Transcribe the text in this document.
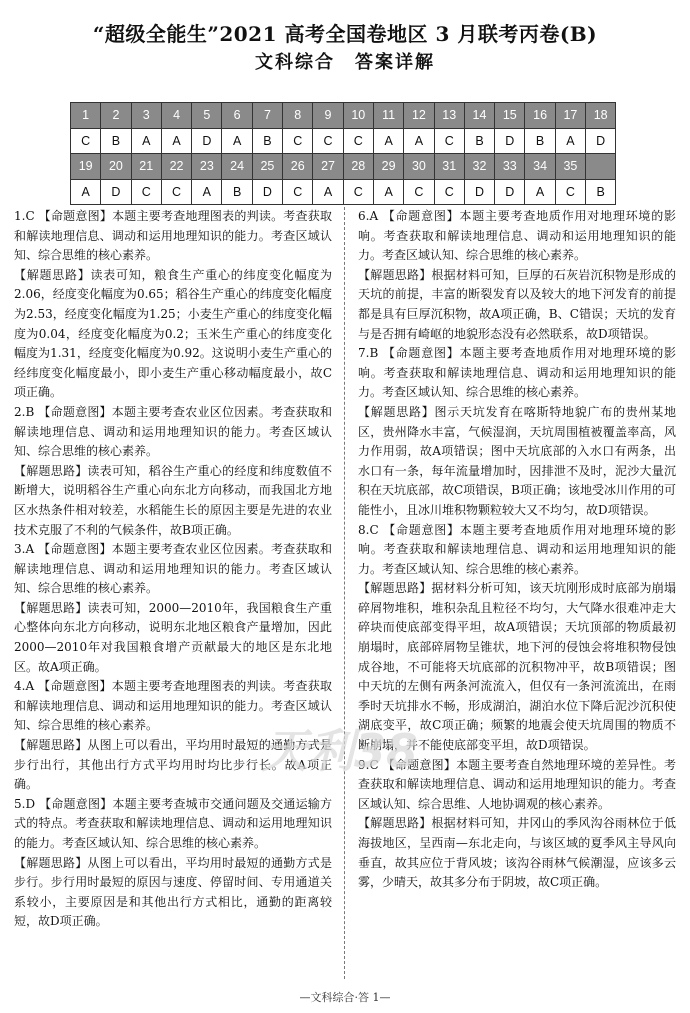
“超级全能生”2021 高考全国卷地区 3 月联考丙卷(B)
文科综合　答案详解
1	2	3	4	5	6	7	8	9	10	11	12	13	14	15	16	17	18
C	B	A	A	D	A	B	C	C	C	A	A	C	B	D	B	A	D
19	20	21	22	23	24	25	26	27	28	29	30	31	32	33	34	35	
A	D	C	C	A	B	D	C	A	C	A	C	C	D	D	A	C	B

1.C 【命题意图】本题主要考查地理图表的判读。考查获取和解读地理信息、调动和运用地理知识的能力。考查区域认知、综合思维的核心素养。

【解题思路】读表可知，粮食生产重心的纬度变化幅度为2.06，经度变化幅度为0.65；稻谷生产重心的纬度变化幅度为2.53，经度变化幅度为1.25；小麦生产重心的纬度变化幅度为0.04，经度变化幅度为0.2；玉米生产重心的纬度变化幅度为1.31，经度变化幅度为0.92。这说明小麦生产重心的经纬度变化幅度最小，即小麦生产重心移动幅度最小，故C项正确。

2.B 【命题意图】本题主要考查农业区位因素。考查获取和解读地理信息、调动和运用地理知识的能力。考查区域认知、综合思维的核心素养。

【解题思路】读表可知，稻谷生产重心的经度和纬度数值不断增大，说明稻谷生产重心向东北方向移动，而我国北方地区水热条件相对较差，水稻能生长的原因主要是先进的农业技术克服了不利的气候条件，故B项正确。

3.A 【命题意图】本题主要考查农业区位因素。考查获取和解读地理信息、调动和运用地理知识的能力。考查区域认知、综合思维的核心素养。

【解题思路】读表可知，2000—2010年，我国粮食生产重心整体向东北方向移动，说明东北地区粮食产量增加，因此2000—2010年对我国粮食增产贡献最大的地区是东北地区。故A项正确。

4.A 【命题意图】本题主要考查地理图表的判读。考查获取和解读地理信息、调动和运用地理知识的能力。考查区域认知、综合思维的核心素养。

【解题思路】从图上可以看出，平均用时最短的通勤方式是步行出行，其他出行方式平均用时均比步行长。故A项正确。

5.D 【命题意图】本题主要考查城市交通问题及交通运输方式的特点。考查获取和解读地理信息、调动和运用地理知识的能力。考查区域认知、综合思维的核心素养。

【解题思路】从图上可以看出，平均用时最短的通勤方式是步行。步行用时最短的原因与速度、停留时间、专用通道关系较小，主要原因是和其他出行方式相比，通勤的距离较短，故D项正确。

6.A 【命题意图】本题主要考查地质作用对地理环境的影响。考查获取和解读地理信息、调动和运用地理知识的能力。考查区域认知、综合思维的核心素养。

【解题思路】根据材料可知，巨厚的石灰岩沉积物是形成的天坑的前提，丰富的断裂发育以及较大的地下河发育的前提都是具有巨厚沉积物，故A项正确，B、C错误；天坑的发育与是否拥有崎岖的地貌形态没有必然联系，故D项错误。

7.B 【命题意图】本题主要考查地质作用对地理环境的影响。考查获取和解读地理信息、调动和运用地理知识的能力。考查区域认知、综合思维的核心素养。

【解题思路】图示天坑发育在喀斯特地貌广布的贵州某地区，贵州降水丰富，气候湿润，天坑周围植被覆盖率高，风力作用弱，故A项错误；图中天坑底部的入水口有两条，出水口有一条，每年流量增加时，因排泄不及时，泥沙大量沉积在天坑底部，故C项错误，B项正确；该地受冰川作用的可能性小，且冰川堆积物颗粒较大又不均匀，故D项错误。

8.C 【命题意图】本题主要考查地质作用对地理环境的影响。考查获取和解读地理信息、调动和运用地理知识的能力。考查区域认知、综合思维的核心素养。

【解题思路】据材料分析可知，该天坑刚形成时底部为崩塌碎屑物堆积，堆积杂乱且粒径不均匀，大气降水很难冲走大碎块而使底部变得平坦，故A项错误；天坑顶部的物质最初崩塌时，底部碎屑物呈锥状，地下河的侵蚀会将堆积物侵蚀成谷地，不可能将天坑底部的沉积物冲平，故B项错误；图中天坑的左侧有两条河流流入，但仅有一条河流流出，在雨季时天坑排水不畅，形成湖泊，湖泊水位下降后泥沙沉积使湖底变平，故C项正确；频繁的地震会使天坑周围的物质不断崩塌，并不能使底部变平坦，故D项错误。

9.C 【命题意图】本题主要考查自然地理环境的差异性。考查获取和解读地理信息、调动和运用地理知识的能力。考查区域认知、综合思维、人地协调观的核心素养。

【解题思路】根据材料可知，井冈山的季风沟谷雨林位于低海拔地区，呈西南—东北走向，与该区域的夏季风主导风向垂直，故其应位于背风坡；该沟谷雨林气候潮湿，应该多云雾，少晴天，故其多分布于阴坡，故C项正确。

天利38
—文科综合·答 1—
